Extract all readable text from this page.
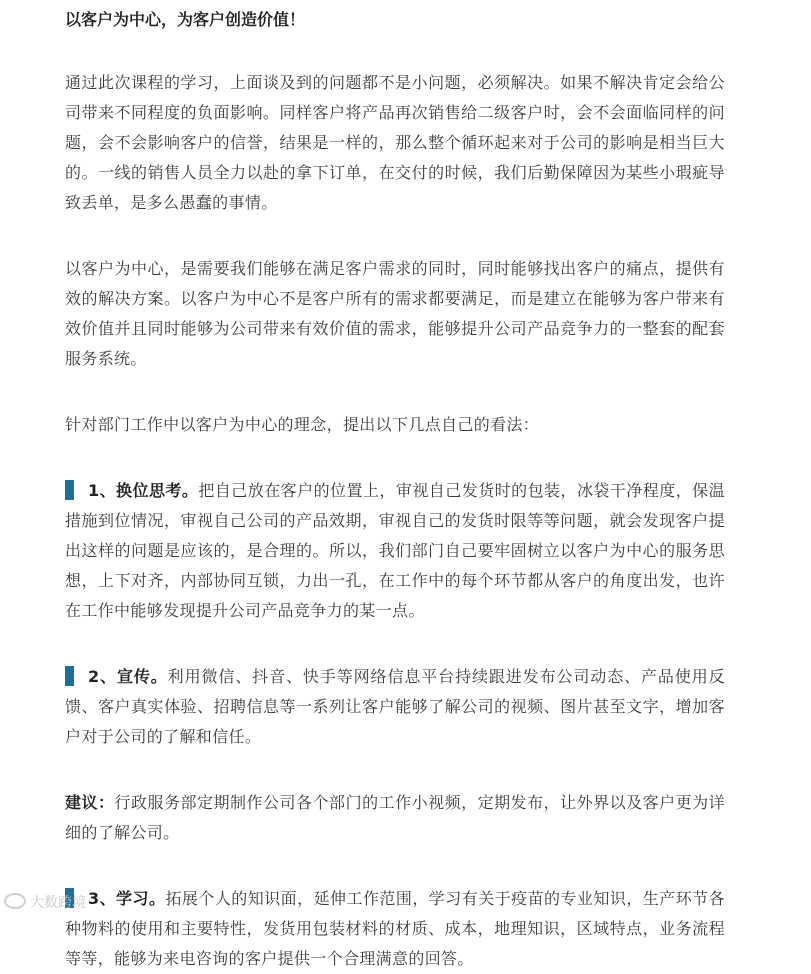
以客户为中心，为客户创造价值！

通过此次课程的学习，上面谈及到的问题都不是小问题，必须解决。如果不解决肯定会给公司带来不同程度的负面影响。同样客户将产品再次销售给二级客户时，会不会面临同样的问题，会不会影响客户的信誉，结果是一样的，那么整个循环起来对于公司的影响是相当巨大的。一线的销售人员全力以赴的拿下订单，在交付的时候，我们后勤保障因为某些小瑕疵导致丢单，是多么愚蠢的事情。

以客户为中心，是需要我们能够在满足客户需求的同时，同时能够找出客户的痛点，提供有效的解决方案。以客户为中心不是客户所有的需求都要满足，而是建立在能够为客户带来有效价值并且同时能够为公司带来有效价值的需求，能够提升公司产品竞争力的一整套的配套服务系统。

针对部门工作中以客户为中心的理念，提出以下几点自己的看法：

1、换位思考。把自己放在客户的位置上，审视自己发货时的包装，冰袋干净程度，保温措施到位情况，审视自己公司的产品效期，审视自己的发货时限等等问题，就会发现客户提出这样的问题是应该的，是合理的。所以，我们部门自己要牢固树立以客户为中心的服务思想，上下对齐，内部协同互锁，力出一孔，在工作中的每个环节都从客户的角度出发，也许在工作中能够发现提升公司产品竞争力的某一点。

2、宣传。利用微信、抖音、快手等网络信息平台持续跟进发布公司动态、产品使用反馈、客户真实体验、招聘信息等一系列让客户能够了解公司的视频、图片甚至文字，增加客户对于公司的了解和信任。

建议：行政服务部定期制作公司各个部门的工作小视频，定期发布，让外界以及客户更为详细的了解公司。

3、学习。拓展个人的知识面，延伸工作范围，学习有关于疫苗的专业知识，生产环节各种物料的使用和主要特性，发货用包装材料的材质、成本，地理知识，区域特点，业务流程等等，能够为来电咨询的客户提供一个合理满意的回答。

大数跨境
